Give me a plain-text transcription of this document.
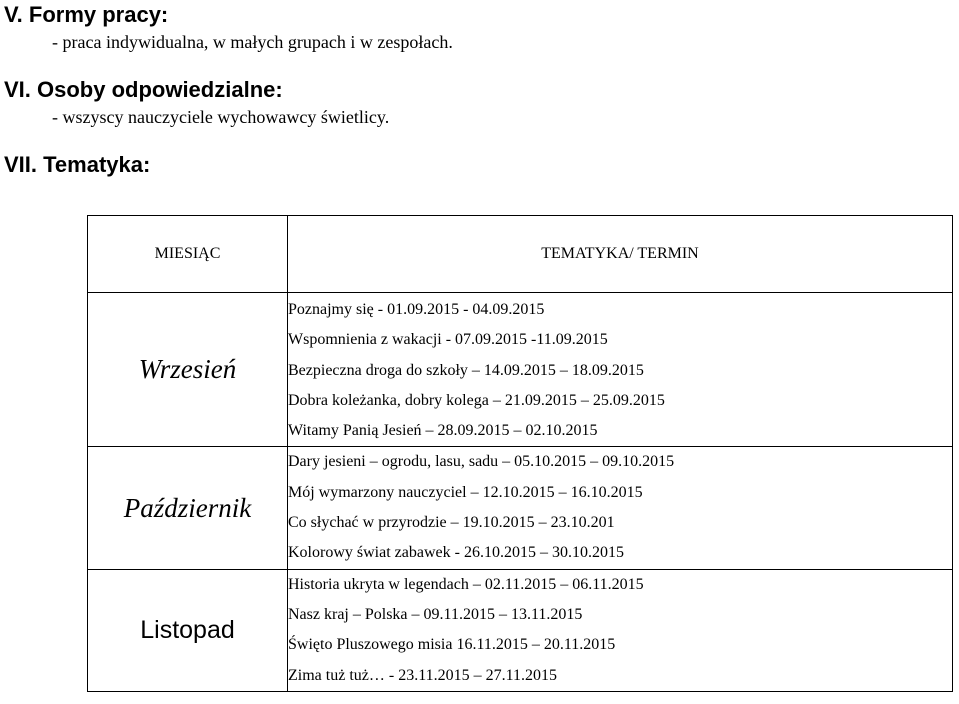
V. Formy pracy:

- praca indywidualna, w małych grupach i w zespołach.

VI. Osoby odpowiedzialne:

- wszyscy nauczyciele wychowawcy świetlicy.

VII. Tematyka:
MIESIĄC	TEMATYKA/ TERMIN
Wrzesień	Poznajmy się - 01.09.2015 - 04.09.2015
Wspomnienia z wakacji - 07.09.2015 -11.09.2015
Bezpieczna droga do szkoły – 14.09.2015 – 18.09.2015
Dobra koleżanka, dobry kolega – 21.09.2015 – 25.09.2015
Witamy Panią Jesień – 28.09.2015 – 02.10.2015

Październik	Dary jesieni – ogrodu, lasu, sadu – 05.10.2015 – 09.10.2015
Mój wymarzony nauczyciel – 12.10.2015 – 16.10.2015
Co słychać w przyrodzie – 19.10.2015 – 23.10.201
Kolorowy świat zabawek - 26.10.2015 – 30.10.2015

Listopad	Historia ukryta w legendach – 02.11.2015 – 06.11.2015
Nasz kraj – Polska – 09.11.2015 – 13.11.2015
Święto Pluszowego misia 16.11.2015 – 20.11.2015
Zima tuż tuż… - 23.11.2015 – 27.11.2015
